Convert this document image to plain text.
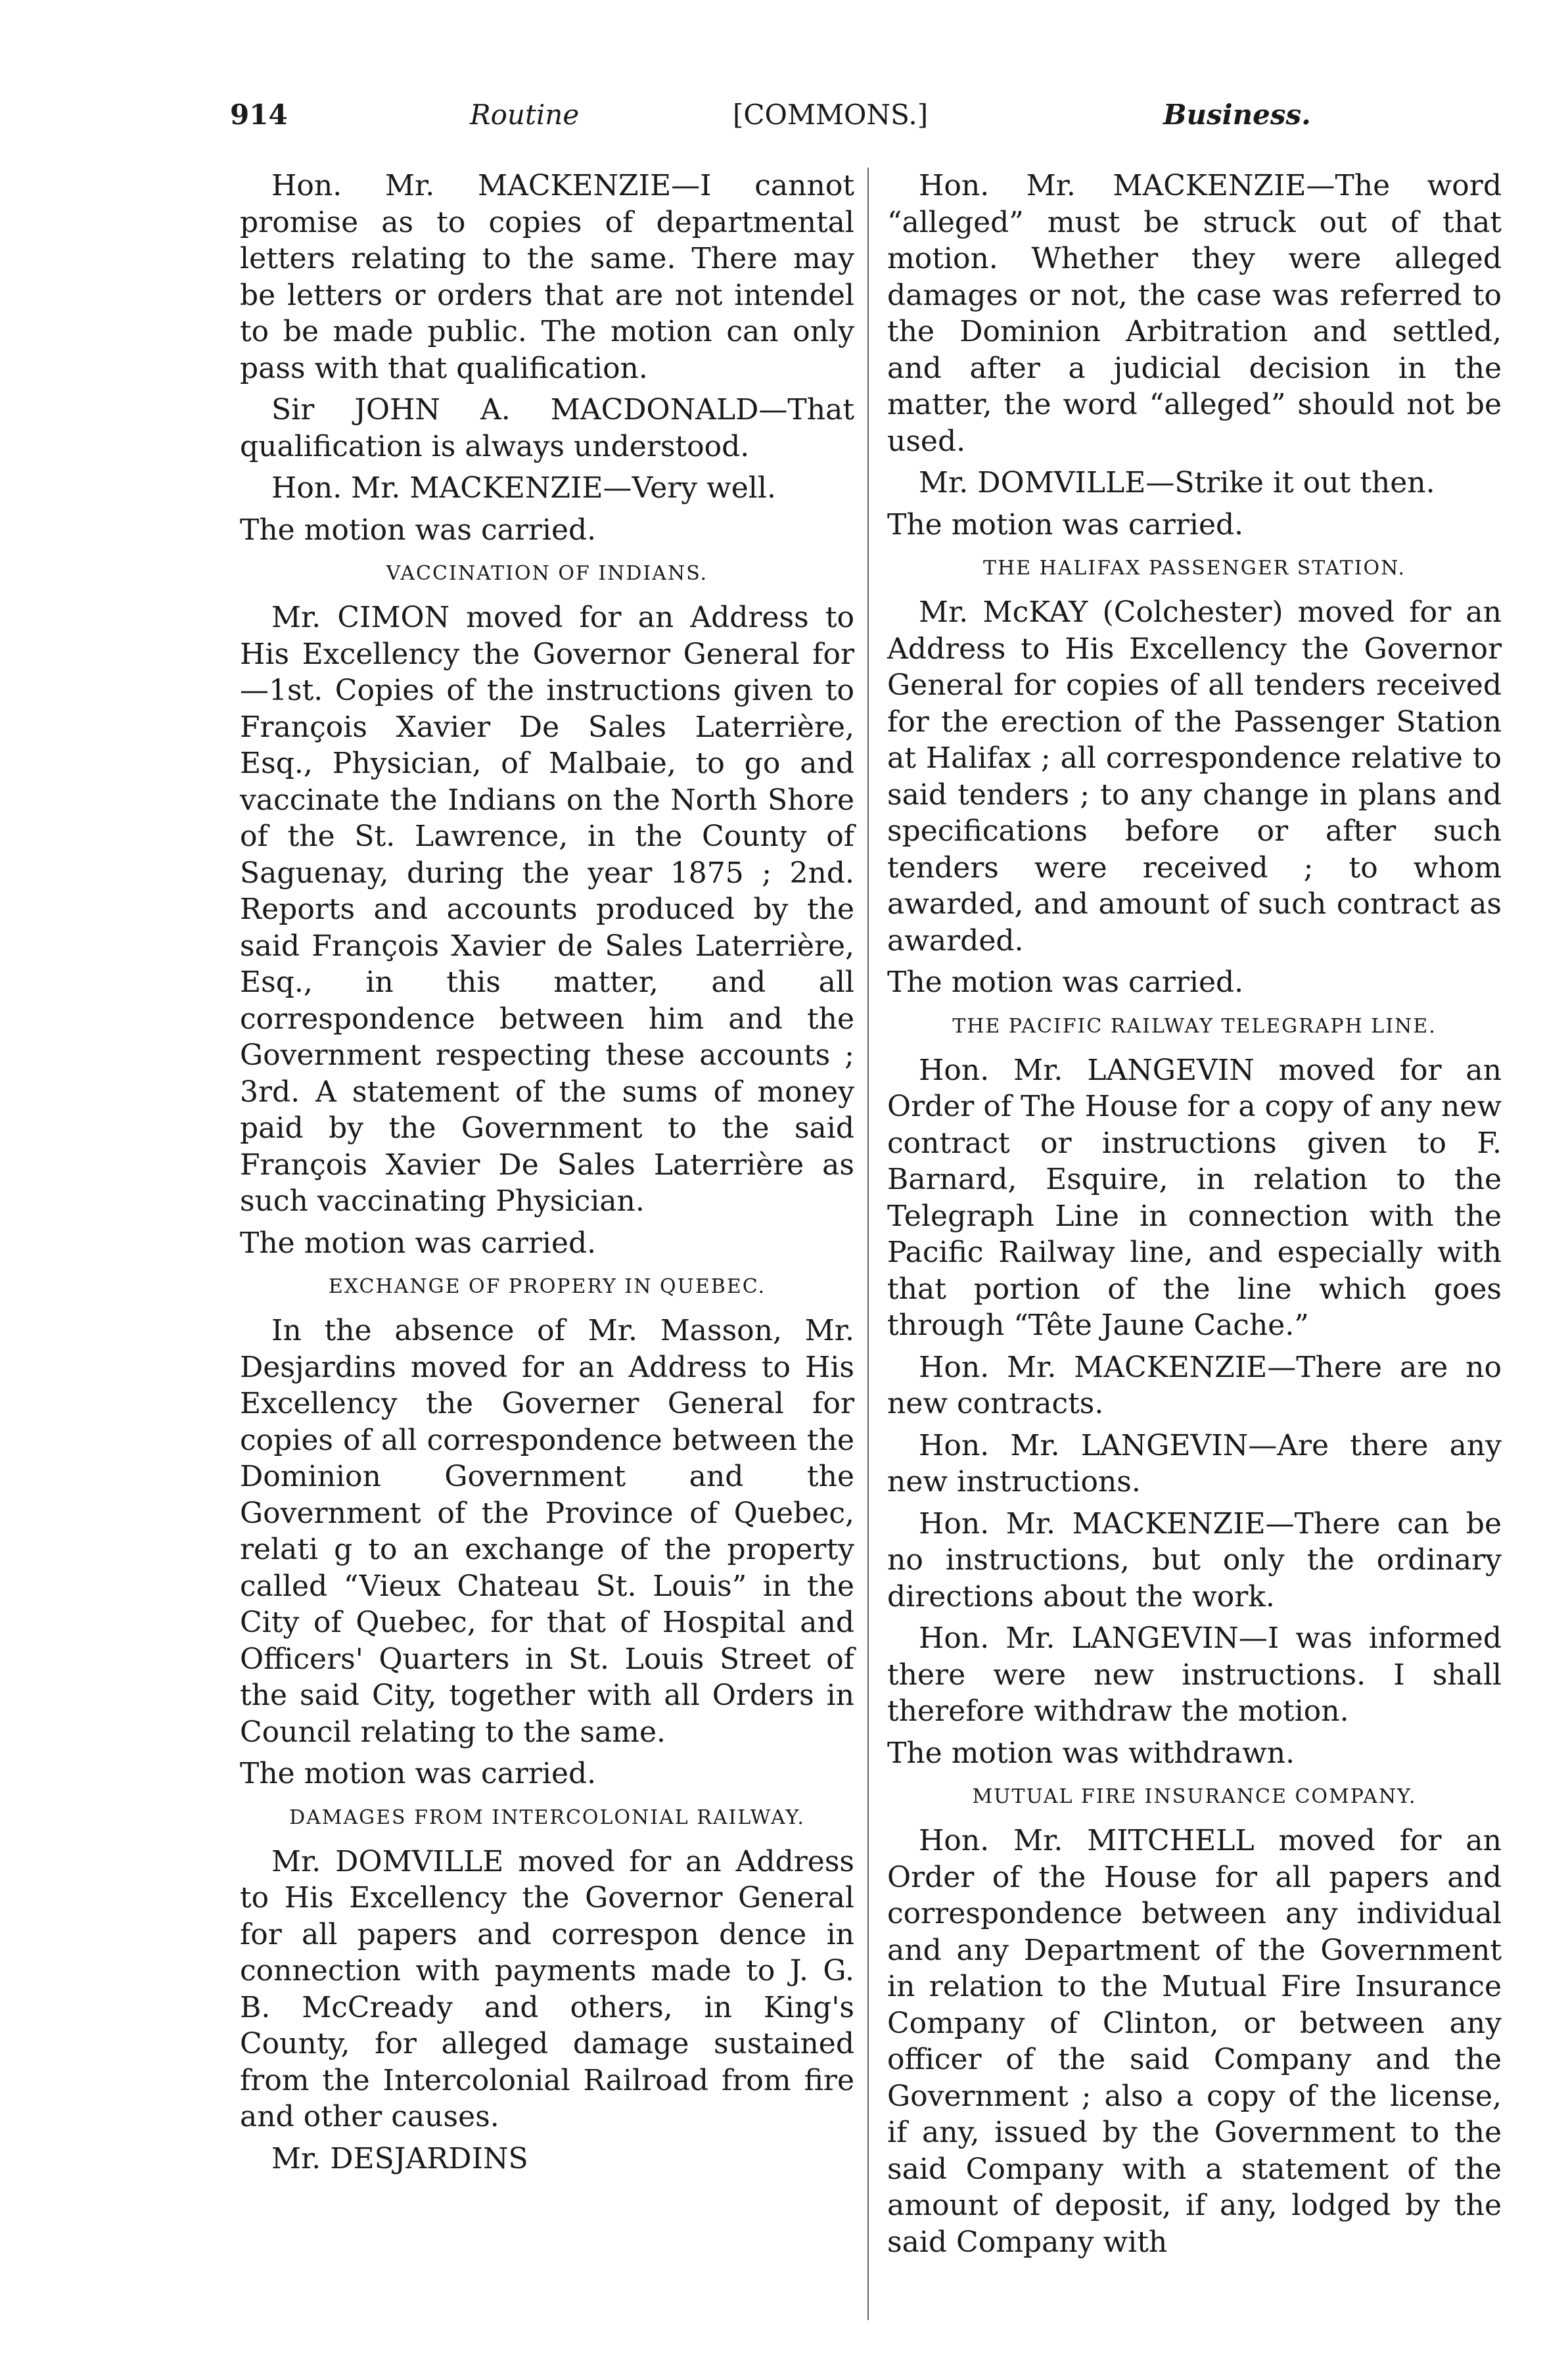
914	Routine	[COMMONS.]	Business.

Hon. Mr. MACKENZIE—I cannot promise as to copies of departmental letters relating to the same. There may be letters or orders that are not intendel to be made public. The motion can only pass with that qualification.

Sir JOHN A. MACDONALD—That qualification is always understood.

Hon. Mr. MACKENZIE—Very well.

The motion was carried.

VACCINATION OF INDIANS.

Mr. CIMON moved for an Address to His Excellency the Governor General for—1st. Copies of the instructions given to François Xavier De Sales Laterrière, Esq., Physician, of Malbaie, to go and vaccinate the Indians on the North Shore of the St. Lawrence, in the County of Saguenay, during the year 1875 ; 2nd. Reports and accounts produced by the said François Xavier de Sales Laterrière, Esq., in this matter, and all correspondence between him and the Government respecting these accounts ; 3rd. A statement of the sums of money paid by the Government to the said François Xavier De Sales Laterrière as such vaccinating Physician.

The motion was carried.

EXCHANGE OF PROPERY IN QUEBEC.

In the absence of Mr. Masson, Mr. Desjardins moved for an Address to His Excellency the Governer General for copies of all correspondence between the Dominion Government and the Government of the Province of Quebec, relati g to an exchange of the property called “Vieux Chateau St. Louis” in the City of Quebec, for that of Hospital and Officers' Quarters in St. Louis Street of the said City, together with all Orders in Council relating to the same.

The motion was carried.

DAMAGES FROM INTERCOLONIAL RAILWAY.

Mr. DOMVILLE moved for an Address to His Excellency the Governor General for all papers and correspon dence in connection with payments made to J. G. B. McCready and others, in King's County, for alleged damage sustained from the Intercolonial Railroad from fire and other causes.

Mr. DESJARDINS

Hon. Mr. MACKENZIE—The word “alleged” must be struck out of that motion. Whether they were alleged damages or not, the case was referred to the Dominion Arbitration and settled, and after a judicial decision in the matter, the word “alleged” should not be used.

Mr. DOMVILLE—Strike it out then.

The motion was carried.

THE HALIFAX PASSENGER STATION.

Mr. McKAY (Colchester) moved for an Address to His Excellency the Governor General for copies of all tenders received for the erection of the Passenger Station at Halifax ; all correspondence relative to said tenders ; to any change in plans and specifications before or after such tenders were received ; to whom awarded, and amount of such contract as awarded.

The motion was carried.

THE PACIFIC RAILWAY TELEGRAPH LINE.

Hon. Mr. LANGEVIN moved for an Order of The House for a copy of any new contract or instructions given to F. Barnard, Esquire, in relation to the Telegraph Line in connection with the Pacific Railway line, and especially with that portion of the line which goes through “Tête Jaune Cache.”

Hon. Mr. MACKENZIE—There are no new contracts.

Hon. Mr. LANGEVIN—Are there any new instructions.

Hon. Mr. MACKENZIE—There can be no instructions, but only the ordinary directions about the work.

Hon. Mr. LANGEVIN—I was informed there were new instructions. I shall therefore withdraw the motion.

The motion was withdrawn.

MUTUAL FIRE INSURANCE COMPANY.

Hon. Mr. MITCHELL moved for an Order of the House for all papers and correspondence between any individual and any Department of the Government in relation to the Mutual Fire Insurance Company of Clinton, or between any officer of the said Company and the Government ; also a copy of the license, if any, issued by the Government to the said Company with a statement of the amount of deposit, if any, lodged by the said Company with
